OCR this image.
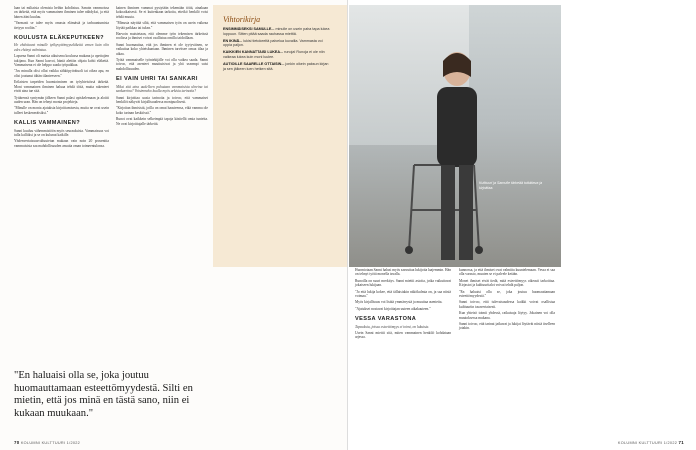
laan tai miltaisia olemisia heihin kohdistuu. Sanoin vammoissa on tärkeää, että myös vammainen ihminen tulee nähdyksi, ja että hänen ääni kuuluu.

"Varmasti se tulee myös omasta elämästä ja tarhuuntumista tietyyn rooliin."

KOULUSTA ELÄKEPUTKEEN?

He ehdottavat minulle työkyvyttömyyseläkettä ennen kuin olin edes ehtinyt valmistua.

Lapsena Sanni oli maista aikuisena koulussa mukana ja opettajien tukijana. Kun Sanni kasvoi, häntä alettiin ohjata kohti eläkettä. Vammaisena ei ole helppo saada työpaikkaa.

"Jos minulla olisi ollut vaikka sähköpyörätuoli tai oikea apu, en olisi joutunut tähän tilanteeseen."

Erilaisten tarpeiden huomioiminen on työyhteisössä tärkeää. Moni vammainen ihminen haluaa tehdä töitä, mutta rakenteet eivät aina tue sitä.

Tyttärensä syntymän jälkeen Sanni palasi opiskelemaan ja aloitti uuden uran. Hän on tehnyt monia projekteja.

"Minulle on monia ajatuksia kirjoittamisesta, mutta ne ovat usein tulleet keskeneräisiksi."

KALLIS VAMMAINEN?

Sanni kuuluu vähemmistöön myös seurauksista. Vammaisuus voi tulla kalliiksi ja se on kulunut kaikille.

Yhdenvertaisuusvaltuutetun mukaan vain noin 20 prosenttia vammaisista saa mahdollisuuden ansaita oman toimeentulonsa.

kainen ihminen vammat pystytään tekemään töitä, ainakaan kokoaikaisesti. Se ei kuitenkaan tarkoita, etteikö henkilö voisi tehdä muuta.

"Minusta näyttää siltä, että vammaisen työn on usein vaikeaa löytää paikkaa tai tukea."

Harvoin muistetaan, että olemme työn tekemisen tärkeässä roolissa ja ihmiset voivat osallistua omilla taidoillaan.

Sanni huomauttaa, että jos ihminen ei ole tyytyväinen, se vaikuttaa koko yhteiskuntaan. Ihminen tarvitsee omaa tilaa ja aikaa.

Työtä vammaiselle työntekijälle voi olla vaikea saada. Sanni toivoo, että asenteet muuttuisivat ja yhä useampi saisi mahdollisuuden.

EI VAIN UHRI TAI SANKARI

Miksi sitä aina uudelleen puhutaan vammaisista uhreina tai sankareina? Voisimmeko kuulla myös arkisia tarinoita?

Sanni kirjoittaa uusia tarinoita ja toivoo, että vammaiset henkilöt näkyvät kirjallisuudessa monipuolisesti.

"Kirjoitan ihmisistä, joilla on omat haasteensa, eikä vamma ole koko tarinan keskiössä."

Runot ovat kaikkein selkeimpiä tapoja käsitellä omia tunteita. Ne ovat kirjoittajalle tärkeitä.

"En haluaisi olla se, joka joutuu huomauttamaan esteettömyydestä. Silti en mietin, että jos minä en tästä sano, niin ei kukaan muukaan."
70 KOLUMNI KULTTUURI 1/2022
Vihtorikirja

ENSIMMÄISEKSI SAMULLE... minulle on usein paha tapa lukea loppuun. Sitten pitää saada rauhassa miettiä.

EN IKINÄ... lukisi tietokeeltä palvelua kuvailla. Vammasta voi oppia paljon.

KAIKKIEN KANNATTAISI LUKEA... runoja! Runoja ei ole niin vaikeaa lukea kuin moni luulee.

AUTIOILLE SAARELLE OTTAISIN... jonkin oikein paksun kirjan ja sen jälkeen luen hetken sitä.

Kulttuuri ja Samulle tärkeää tutkittava ja kirjoittaa.

Huomiotaan Sanni halusi myös saavuttaa lukijoita laajemmin. Hän on tehnyt työtä monella tavalla.

Runoilla on suuri merkitys. Sanni miettii asioita, jotka vaikuttavat jokaiseen lukijaan.

"Jo että lukija kokee, että tällaisiakin näkökulmia on, ja saa niistä voimaa."

Myös kirjallisuus voi lisätä ymmärrystä ja muuttaa asenteita.

"Ajatukset nostavat kirjoittajan uuteen aikakauteen."

VESSA VARASTONA

Tapauksia, joissa esteettömyys ei toimi, on lukuisia.

Usein Sanni miettii sitä, miten vammainen henkilö kohdataan arjessa.

kunnossa, ja että ihmiset ovat valmiita kuuntelemaan. Vessa ei saa olla varasto, muuten se ei palvele ketään.

Monet ihmiset eivät tiedä, mitä esteettömyys oikeasti tarkoittaa. Kirjastot ja kulttuuritalot voivat tehdä paljon.

"En haluaisi olla se, joka joutuu huomauttamaan esteettömyydestä."

Sanni toivoo, että tulevaisuudessa kaikki voivat osallistua kulttuuriin tasavertaisesti.

Kun yhteisö toimii yhdessä, ratkaisuja löytyy. Jokainen voi olla muutoksessa mukana.

Sanni toivoo, että tarinat jatkuvat ja lukijat löytävät niistä itselleen jotakin.

KOLUMNI KULTTUURI 1/2022 71
